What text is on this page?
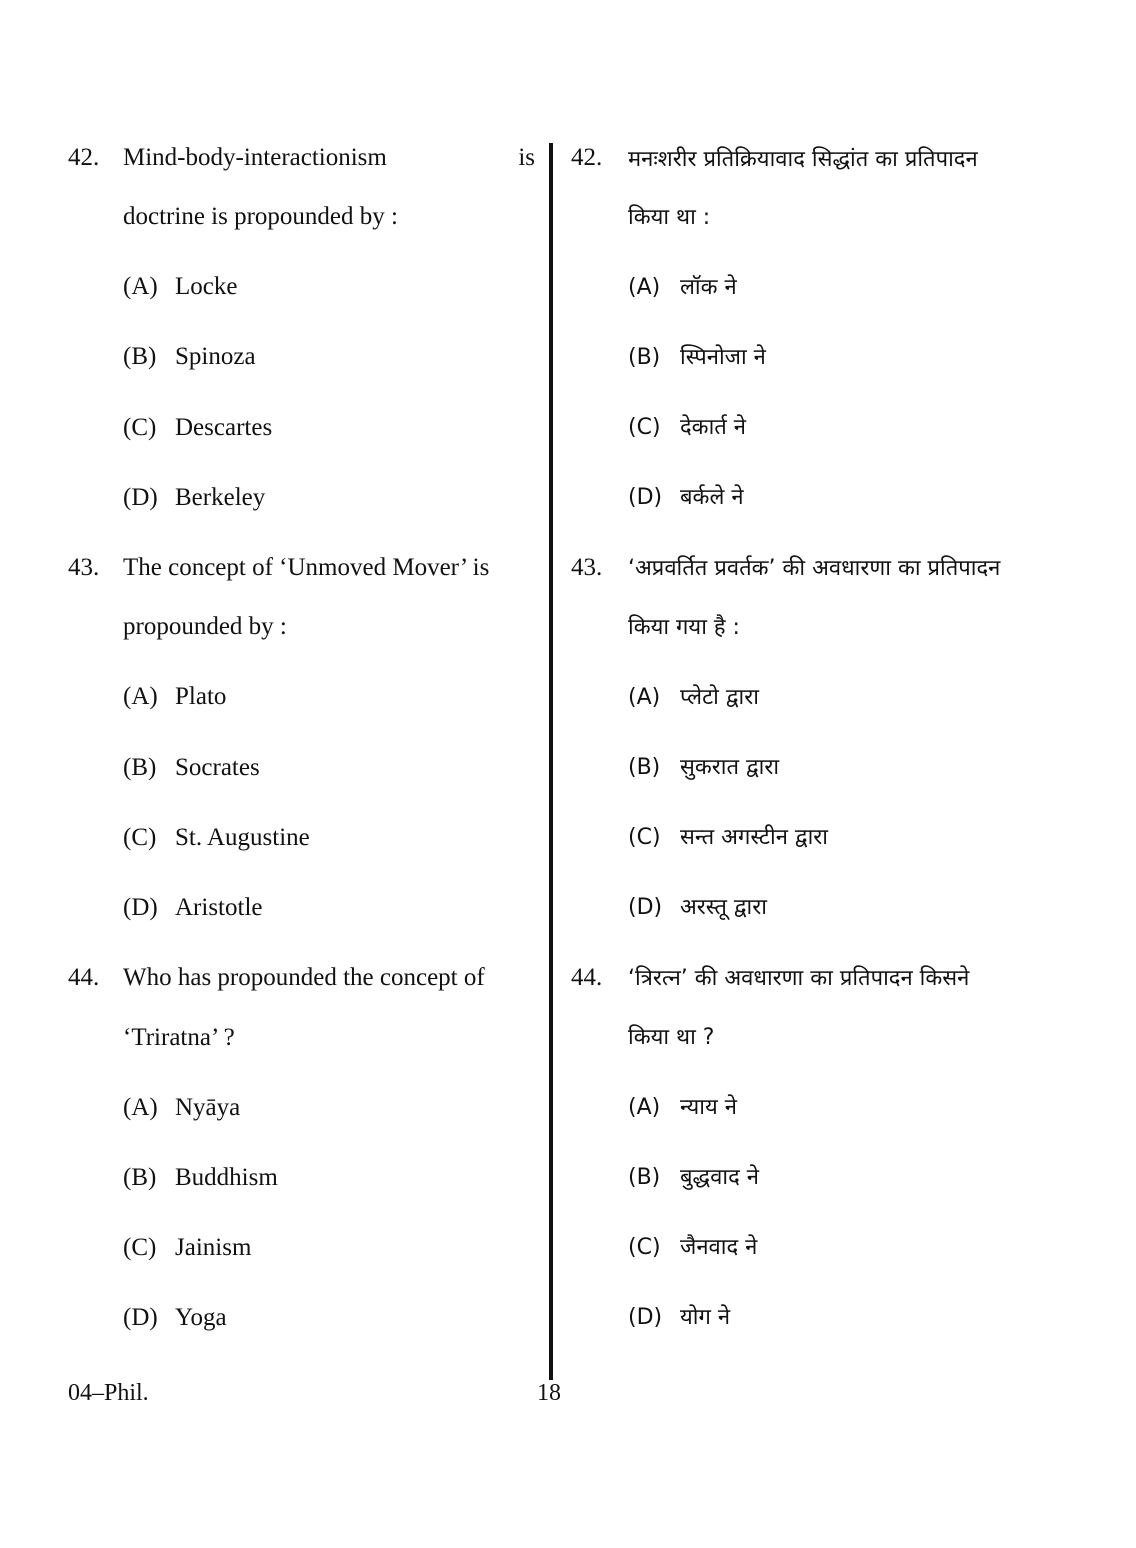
42. Mind-body-interactionism	is
doctrine is propounded by :
(A) Locke
(B) Spinoza
(C) Descartes
(D) Berkeley
43. The concept of ‘Unmoved Mover’ is
propounded by :
(A) Plato
(B) Socrates
(C) St. Augustine
(D) Aristotle
44. Who has propounded the concept of
‘Triratna’ ?
(A) Nyāya
(B) Buddhism
(C) Jainism
(D) Yoga
42. मनःशरीर प्रतिक्रियावाद सिद्धांत का प्रतिपादन
किया था :
(A) लॉक ने
(B) स्पिनोजा ने
(C) देकार्त ने
(D) बर्कले ने
43. ‘अप्रवर्तित प्रवर्तक’ की अवधारणा का प्रतिपादन
किया गया है :
(A) प्लेटो द्वारा
(B) सुकरात द्वारा
(C) सन्त अगस्टीन द्वारा
(D) अरस्तू द्वारा
44. ‘त्रिरत्न’ की अवधारणा का प्रतिपादन किसने
किया था ?
(A) न्याय ने
(B) बुद्धवाद ने
(C) जैनवाद ने
(D) योग ने
04–Phil.	18
